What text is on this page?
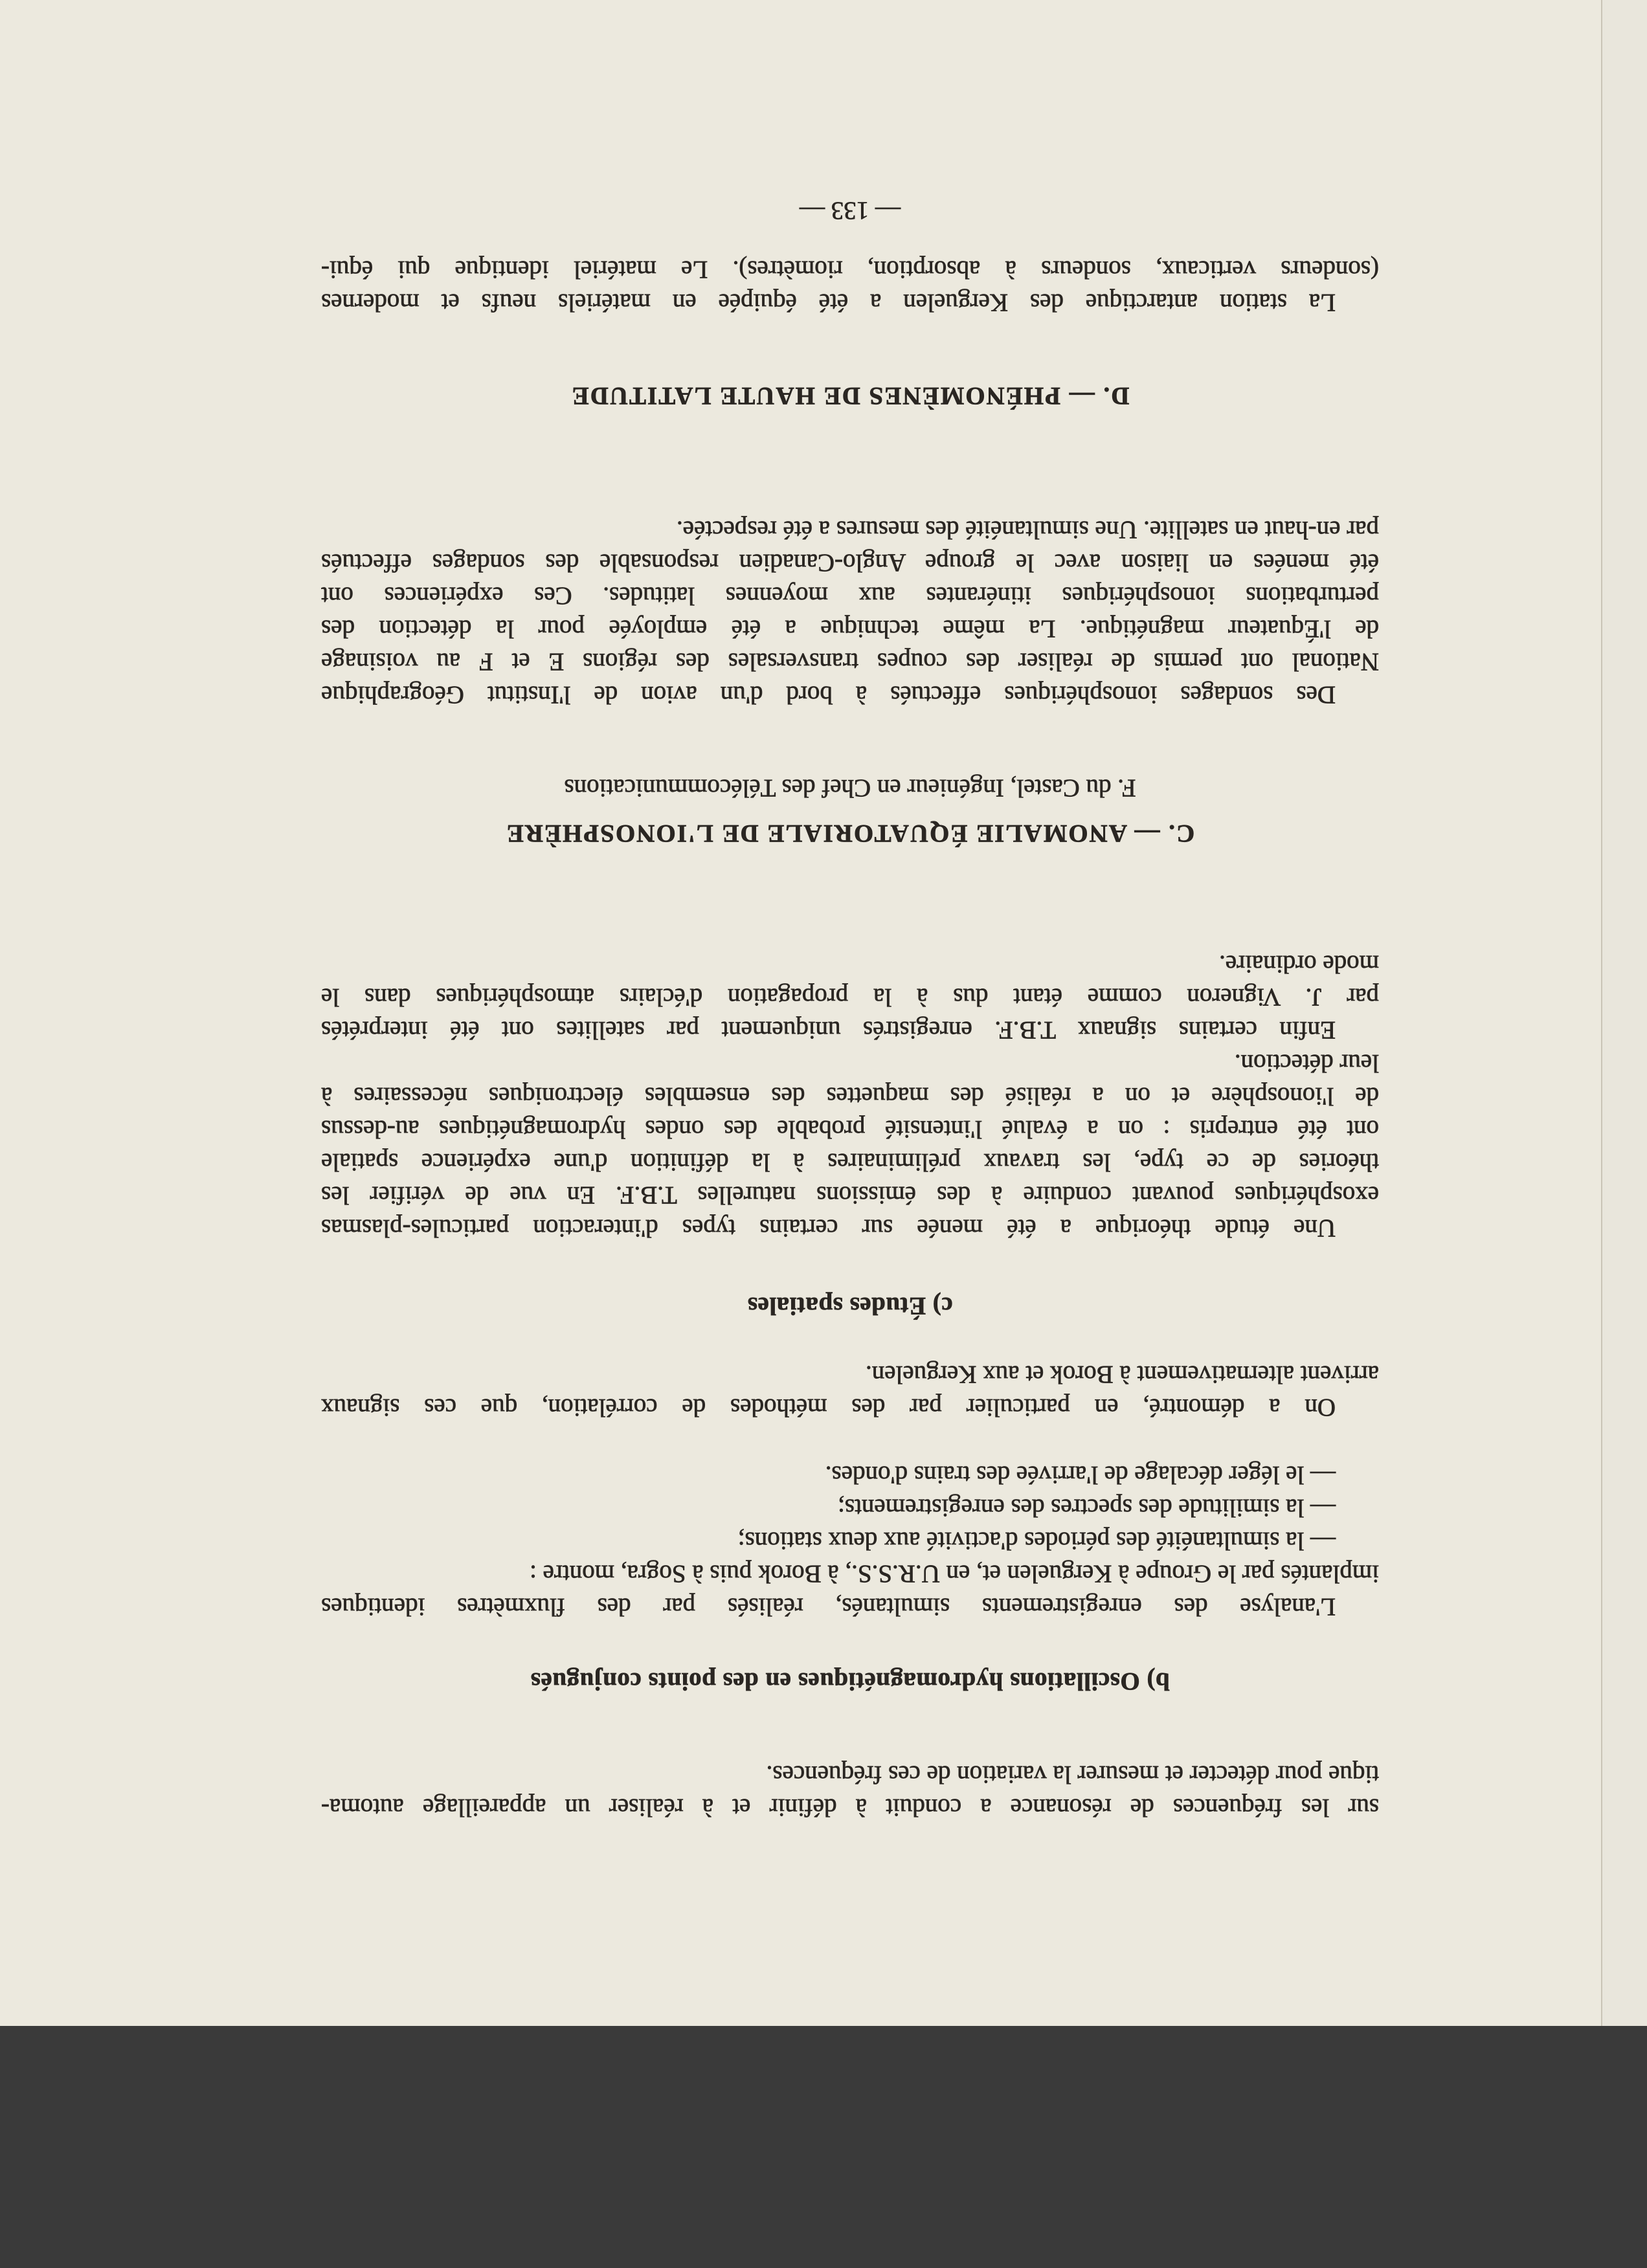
sur les fréquences de résonance a conduit à définir et à réaliser un appareillage automa-
tique pour détecter et mesurer la variation de ces fréquences.
b) Oscillations hydromagnétiques en des points conjugués
L'analyse des enregistrements simultanés, réalisés par des fluxmètres identiques
implantés par le Groupe à Kerguelen et, en U.R.S.S., à Borok puis à Sogra, montre :
— la simultanéité des périodes d'activité aux deux stations;
— la similitude des spectres des enregistrements;
— le léger décalage de l'arrivée des trains d'ondes.
On a démontré, en particulier par des méthodes de corrélation, que ces signaux
arrivent alternativement à Borok et aux Kerguelen.
c) Études spatiales
Une étude théorique a été menée sur certains types d'interaction particules-plasmas
exosphériques pouvant conduire à des émissions naturelles T.B.F. En vue de vérifier les
théories de ce type, les travaux préliminaires à la définition d'une expérience spatiale
ont été entrepris : on a évalué l'intensité probable des ondes hydromagnétiques au-dessus
de l'ionosphère et on a réalisé des maquettes des ensembles électroniques nécessaires à
leur détection.
Enfin certains signaux T.B.F. enregistrés uniquement par satellites ont été interprétés
par J. Vigneron comme étant dus à la propagation d'éclairs atmosphériques dans le
mode ordinaire.
C. — ANOMALIE ÉQUATORIALE DE L'IONOSPHÈRE
F. du Castel, Ingénieur en Chef des Télécommunications
Des sondages ionosphériques effectués à bord d'un avion de l'Institut Géographique
National ont permis de réaliser des coupes transversales des régions E et F au voisinage
de l'Équateur magnétique. La même technique a été employée pour la détection des
perturbations ionosphériques itinérantes aux moyennes latitudes. Ces expériences ont
été menées en liaison avec le groupe Anglo-Canadien responsable des sondages effectués
par en-haut en satellite. Une simultanéité des mesures a été respectée.
D. — PHÉNOMÈNES DE HAUTE LATITUDE
La station antarctique des Kerguelen a été équipée en matériels neufs et modernes
(sondeurs verticaux, sondeurs à absorption, riomètres). Le matériel identique qui équi-
— 133 —
